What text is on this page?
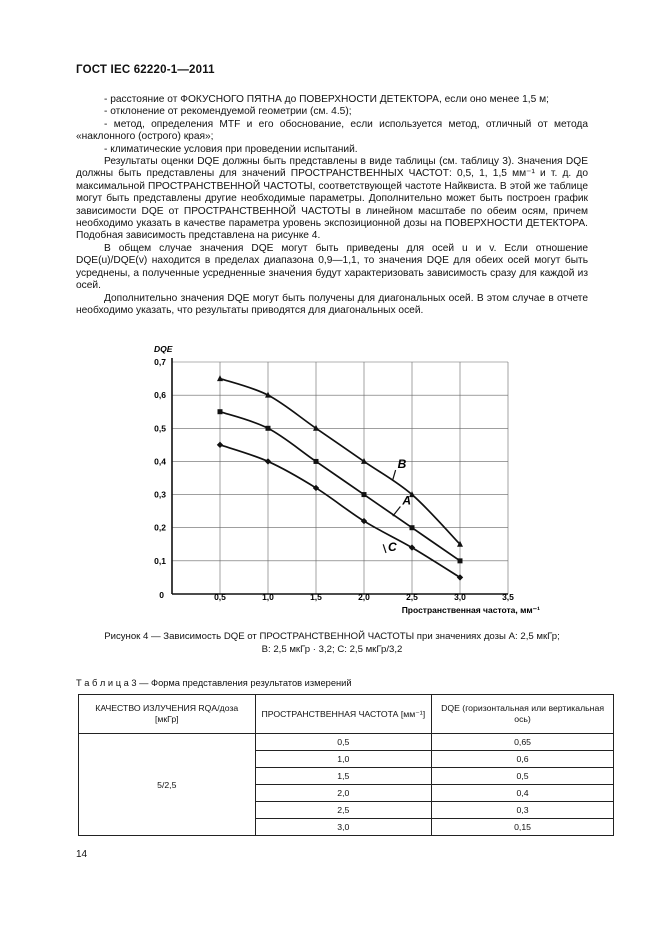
ГОСТ IEC 62220-1—2011

- расстояние от ФОКУСНОГО ПЯТНА до ПОВЕРХНОСТИ ДЕТЕКТОРА, если оно менее 1,5 м;

- отклонение от рекомендуемой геометрии (см. 4.5);

- метод, определения MTF и его обоснование, если используется метод, отличный от метода «наклонного (острого) края»;

- климатические условия при проведении испытаний.

Результаты оценки DQE должны быть представлены в виде таблицы (см. таблицу 3). Значения DQE должны быть представлены для значений ПРОСТРАНСТВЕННЫХ ЧАСТОТ: 0,5, 1, 1,5 мм⁻¹ и т. д. до максимальной ПРОСТРАНСТВЕННОЙ ЧАСТОТЫ, соответствующей частоте Найквиста. В этой же таблице могут быть представлены другие необходимые параметры. Дополнительно может быть построен график зависимости DQE от ПРОСТРАНСТВЕННОЙ ЧАСТОТЫ в линейном масштабе по обеим осям, причем необходимо указать в качестве параметра уровень экспозиционной дозы на ПОВЕРХНОСТИ ДЕТЕКТОРА. Подобная зависимость представлена на рисунке 4.

В общем случае значения DQE могут быть приведены для осей u и v. Если отношение DQE(u)/DQE(v) находится в пределах диапазона 0,9—1,1, то значения DQE для обеих осей могут быть усреднены, а полученные усредненные значения будут характеризовать зависимость сразу для каждой из осей.

Дополнительно значения DQE могут быть получены для диагональных осей. В этом случае в отчете необходимо указать, что результаты приводятся для диагональных осей.

0,1
0,2
0,3
0,4
0,5
0,6
0,7
0,5	1,0	1,5	2,0	2,5	3,0	3,5
0
DQE
Пространственная частота, мм⁻¹
B
A
C
Рисунок 4 — Зависимость DQE от ПРОСТРАНСТВЕННОЙ ЧАСТОТЫ при значениях дозы A: 2,5 мкГр;
B: 2,5 мкГр · 3,2; C: 2,5 мкГр/3,2
Т а б л и ц а 3 — Форма представления результатов измерений
КАЧЕСТВО ИЗЛУЧЕНИЯ RQA/доза [мкГр]	ПРОСТРАНСТВЕННАЯ ЧАСТОТА [мм⁻¹]	DQE (горизонтальная или вертикальная ось)
5/2,5	0,5	0,65
	1,0	0,6
	1,5	0,5
	2,0	0,4
	2,5	0,3
	3,0	0,15
14
